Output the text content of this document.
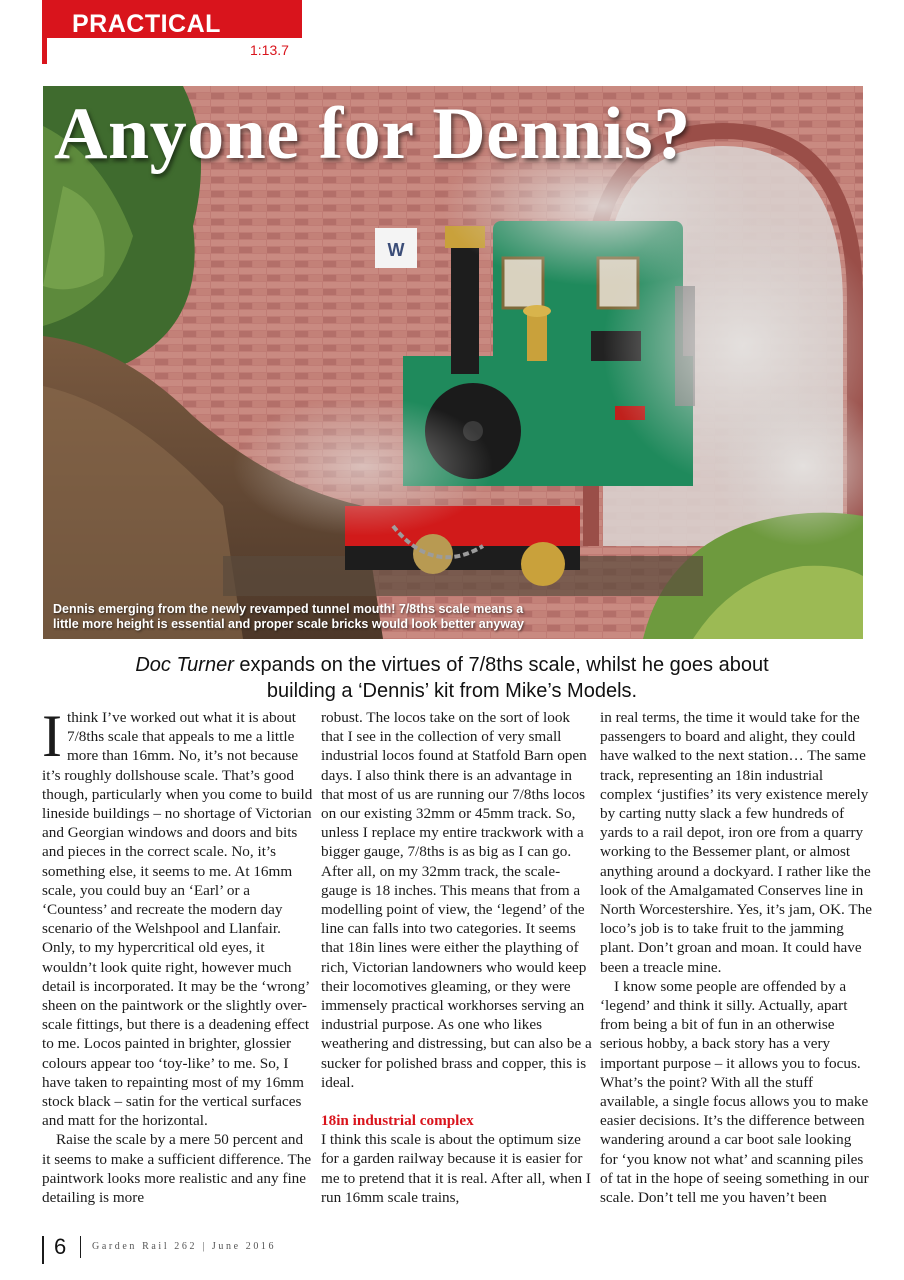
PRACTICAL
1:13.7
W
Anyone for Dennis?
Dennis emerging from the newly revamped tunnel mouth! 7/8ths scale means a little more height is essential and proper scale bricks would look better anyway
Doc Turner expands on the virtues of 7/8ths scale, whilst he goes about building a ‘Dennis’ kit from Mike’s Models.

I think I’ve worked out what it is about 7/8ths scale that appeals to me a little more than 16mm. No, it’s not because it’s roughly dollshouse scale. That’s good though, particularly when you come to build lineside buildings – no shortage of Victorian and Georgian windows and doors and bits and pieces in the correct scale. No, it’s something else, it seems to me. At 16mm scale, you could buy an ‘Earl’ or a ‘Countess’ and recreate the modern day scenario of the Welshpool and Llanfair. Only, to my hypercritical old eyes, it wouldn’t look quite right, however much detail is incorporated. It may be the ‘wrong’ sheen on the paintwork or the slightly over-scale fittings, but there is a deadening effect to me. Locos painted in brighter, glossier colours appear too ‘toy-like’ to me. So, I have taken to repainting most of my 16mm stock black – satin for the vertical surfaces and matt for the horizontal.

Raise the scale by a mere 50 percent and it seems to make a sufficient difference. The paintwork looks more realistic and any fine detailing is more

robust. The locos take on the sort of look that I see in the collection of very small industrial locos found at Statfold Barn open days. I also think there is an advantage in that most of us are running our 7/8ths locos on our existing 32mm or 45mm track. So, unless I replace my entire trackwork with a bigger gauge, 7/8ths is as big as I can go. After all, on my 32mm track, the scale-gauge is 18 inches. This means that from a modelling point of view, the ‘legend’ of the line can falls into two categories. It seems that 18in lines were either the plaything of rich, Victorian landowners who would keep their locomotives gleaming, or they were immensely practical workhorses serving an industrial purpose. As one who likes weathering and distressing, but can also be a sucker for polished brass and copper, this is ideal.

18in industrial complex

I think this scale is about the optimum size for a garden railway because it is easier for me to pretend that it is real. After all, when I run 16mm scale trains,

in real terms, the time it would take for the passengers to board and alight, they could have walked to the next station… The same track, representing an 18in industrial complex ‘justifies’ its very existence merely by carting nutty slack a few hundreds of yards to a rail depot, iron ore from a quarry working to the Bessemer plant, or almost anything around a dockyard. I rather like the look of the Amalgamated Conserves line in North Worcestershire. Yes, it’s jam, OK. The loco’s job is to take fruit to the jamming plant. Don’t groan and moan. It could have been a treacle mine.

I know some people are offended by a ‘legend’ and think it silly. Actually, apart from being a bit of fun in an otherwise serious hobby, a back story has a very important purpose – it allows you to focus. What’s the point? With all the stuff available, a single focus allows you to make easier decisions. It’s the difference between wandering around a car boot sale looking for ‘you know not what’ and scanning piles of tat in the hope of seeing something in our scale. Don’t tell me you haven’t been

6	Garden Rail 262 | June 2016
